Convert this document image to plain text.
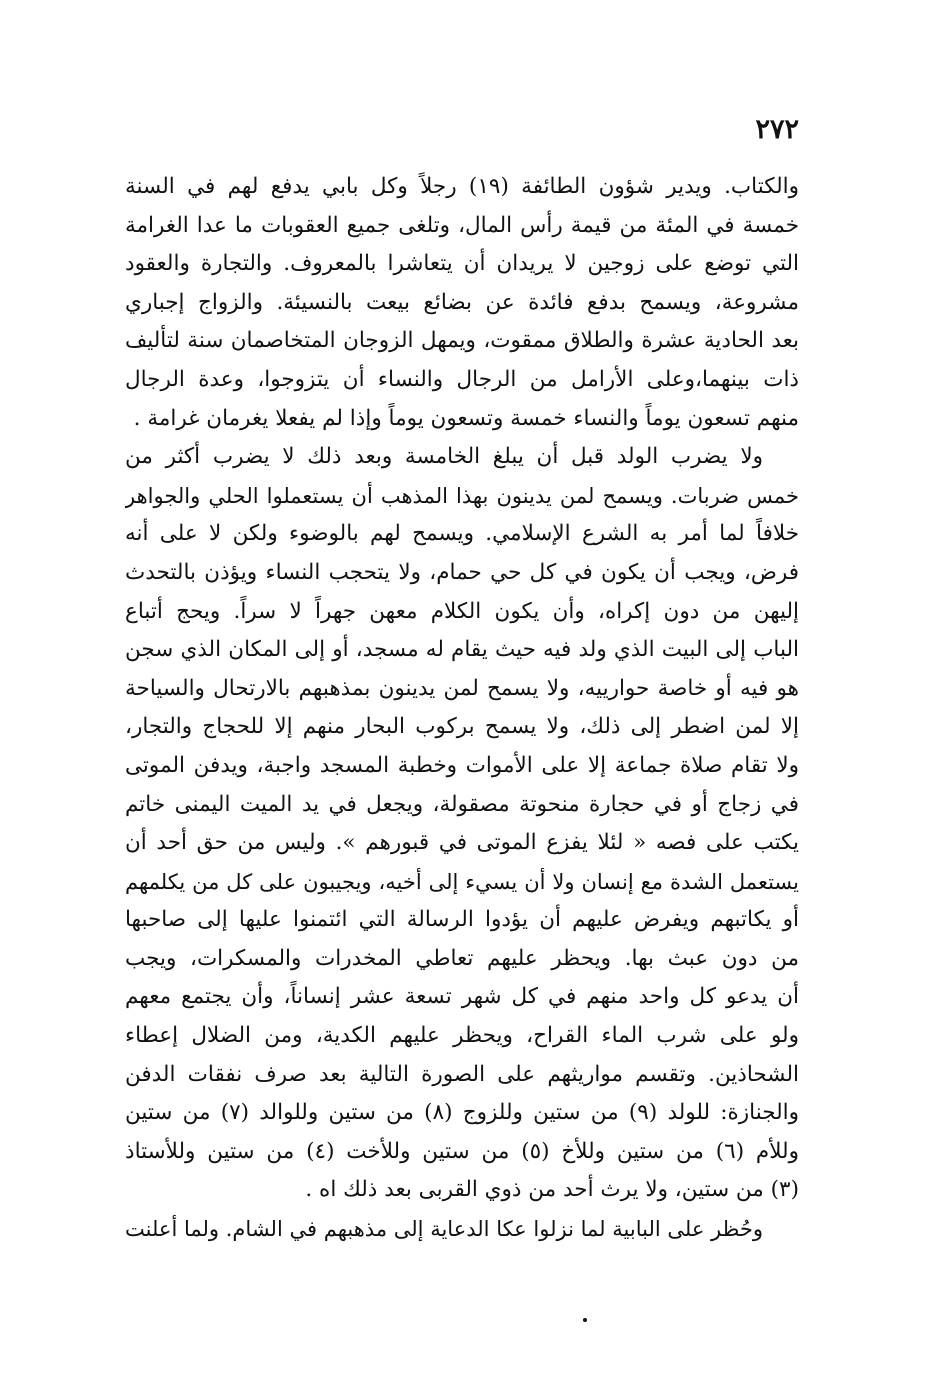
٢٧٢
والكتاب. ويدير شؤون الطائفة (١٩) رجلاً وكل بابي يدفع لهم في السنة
خمسة في المئة من قيمة رأس المال، وتلغى جميع العقوبات ما عدا الغرامة
التي توضع على زوجين لا يريدان أن يتعاشرا بالمعروف. والتجارة والعقود
مشروعة، ويسمح بدفع فائدة عن بضائع بيعت بالنسيئة. والزواج إجباري
بعد الحادية عشرة والطلاق ممقوت، ويمهل الزوجان المتخاصمان سنة لتأليف
ذات بينهما،وعلى الأرامل من الرجال والنساء أن يتزوجوا، وعدة الرجال
منهم تسعون يوماً والنساء خمسة وتسعون يوماً وإذا لم يفعلا يغرمان غرامة .
ولا يضرب الولد قبل أن يبلغ الخامسة وبعد ذلك لا يضرب أكثر من
خمس ضربات. ويسمح لمن يدينون بهذا المذهب أن يستعملوا الحلي والجواهر
خلافاً لما أمر به الشرع الإسلامي. ويسمح لهم بالوضوء ولكن لا على أنه
فرض، ويجب أن يكون في كل حي حمام، ولا يتحجب النساء ويؤذن بالتحدث
إليهن من دون إكراه، وأن يكون الكلام معهن جهراً لا سراً. ويحج أتباع
الباب إلى البيت الذي ولد فيه حيث يقام له مسجد، أو إلى المكان الذي سجن
هو فيه أو خاصة حوارييه، ولا يسمح لمن يدينون بمذهبهم بالارتحال والسياحة
إلا لمن اضطر إلى ذلك، ولا يسمح بركوب البحار منهم إلا للحجاج والتجار،
ولا تقام صلاة جماعة إلا على الأموات وخطبة المسجد واجبة، ويدفن الموتى
في زجاج أو في حجارة منحوتة مصقولة، ويجعل في يد الميت اليمنى خاتم
يكتب على فصه « لئلا يفزع الموتى في قبورهم ». وليس من حق أحد أن
يستعمل الشدة مع إنسان ولا أن يسيء إلى أخيه، ويجيبون على كل من يكلمهم
أو يكاتبهم ويفرض عليهم أن يؤدوا الرسالة التي ائتمنوا عليها إلى صاحبها
من دون عبث بها. ويحظر عليهم تعاطي المخدرات والمسكرات، ويجب
أن يدعو كل واحد منهم في كل شهر تسعة عشر إنساناً، وأن يجتمع معهم
ولو على شرب الماء القراح، ويحظر عليهم الكدية، ومن الضلال إعطاء
الشحاذين. وتقسم مواريثهم على الصورة التالية بعد صرف نفقات الدفن
والجنازة: للولد (٩) من ستين وللزوج (٨) من ستين وللوالد (٧) من ستين
وللأم (٦) من ستين وللأخ (٥) من ستين وللأخت (٤) من ستين وللأستاذ
(٣) من ستين، ولا يرث أحد من ذوي القربى بعد ذلك اه .
وحُظر على البابية لما نزلوا عكا الدعاية إلى مذهبهم في الشام. ولما أعلنت
